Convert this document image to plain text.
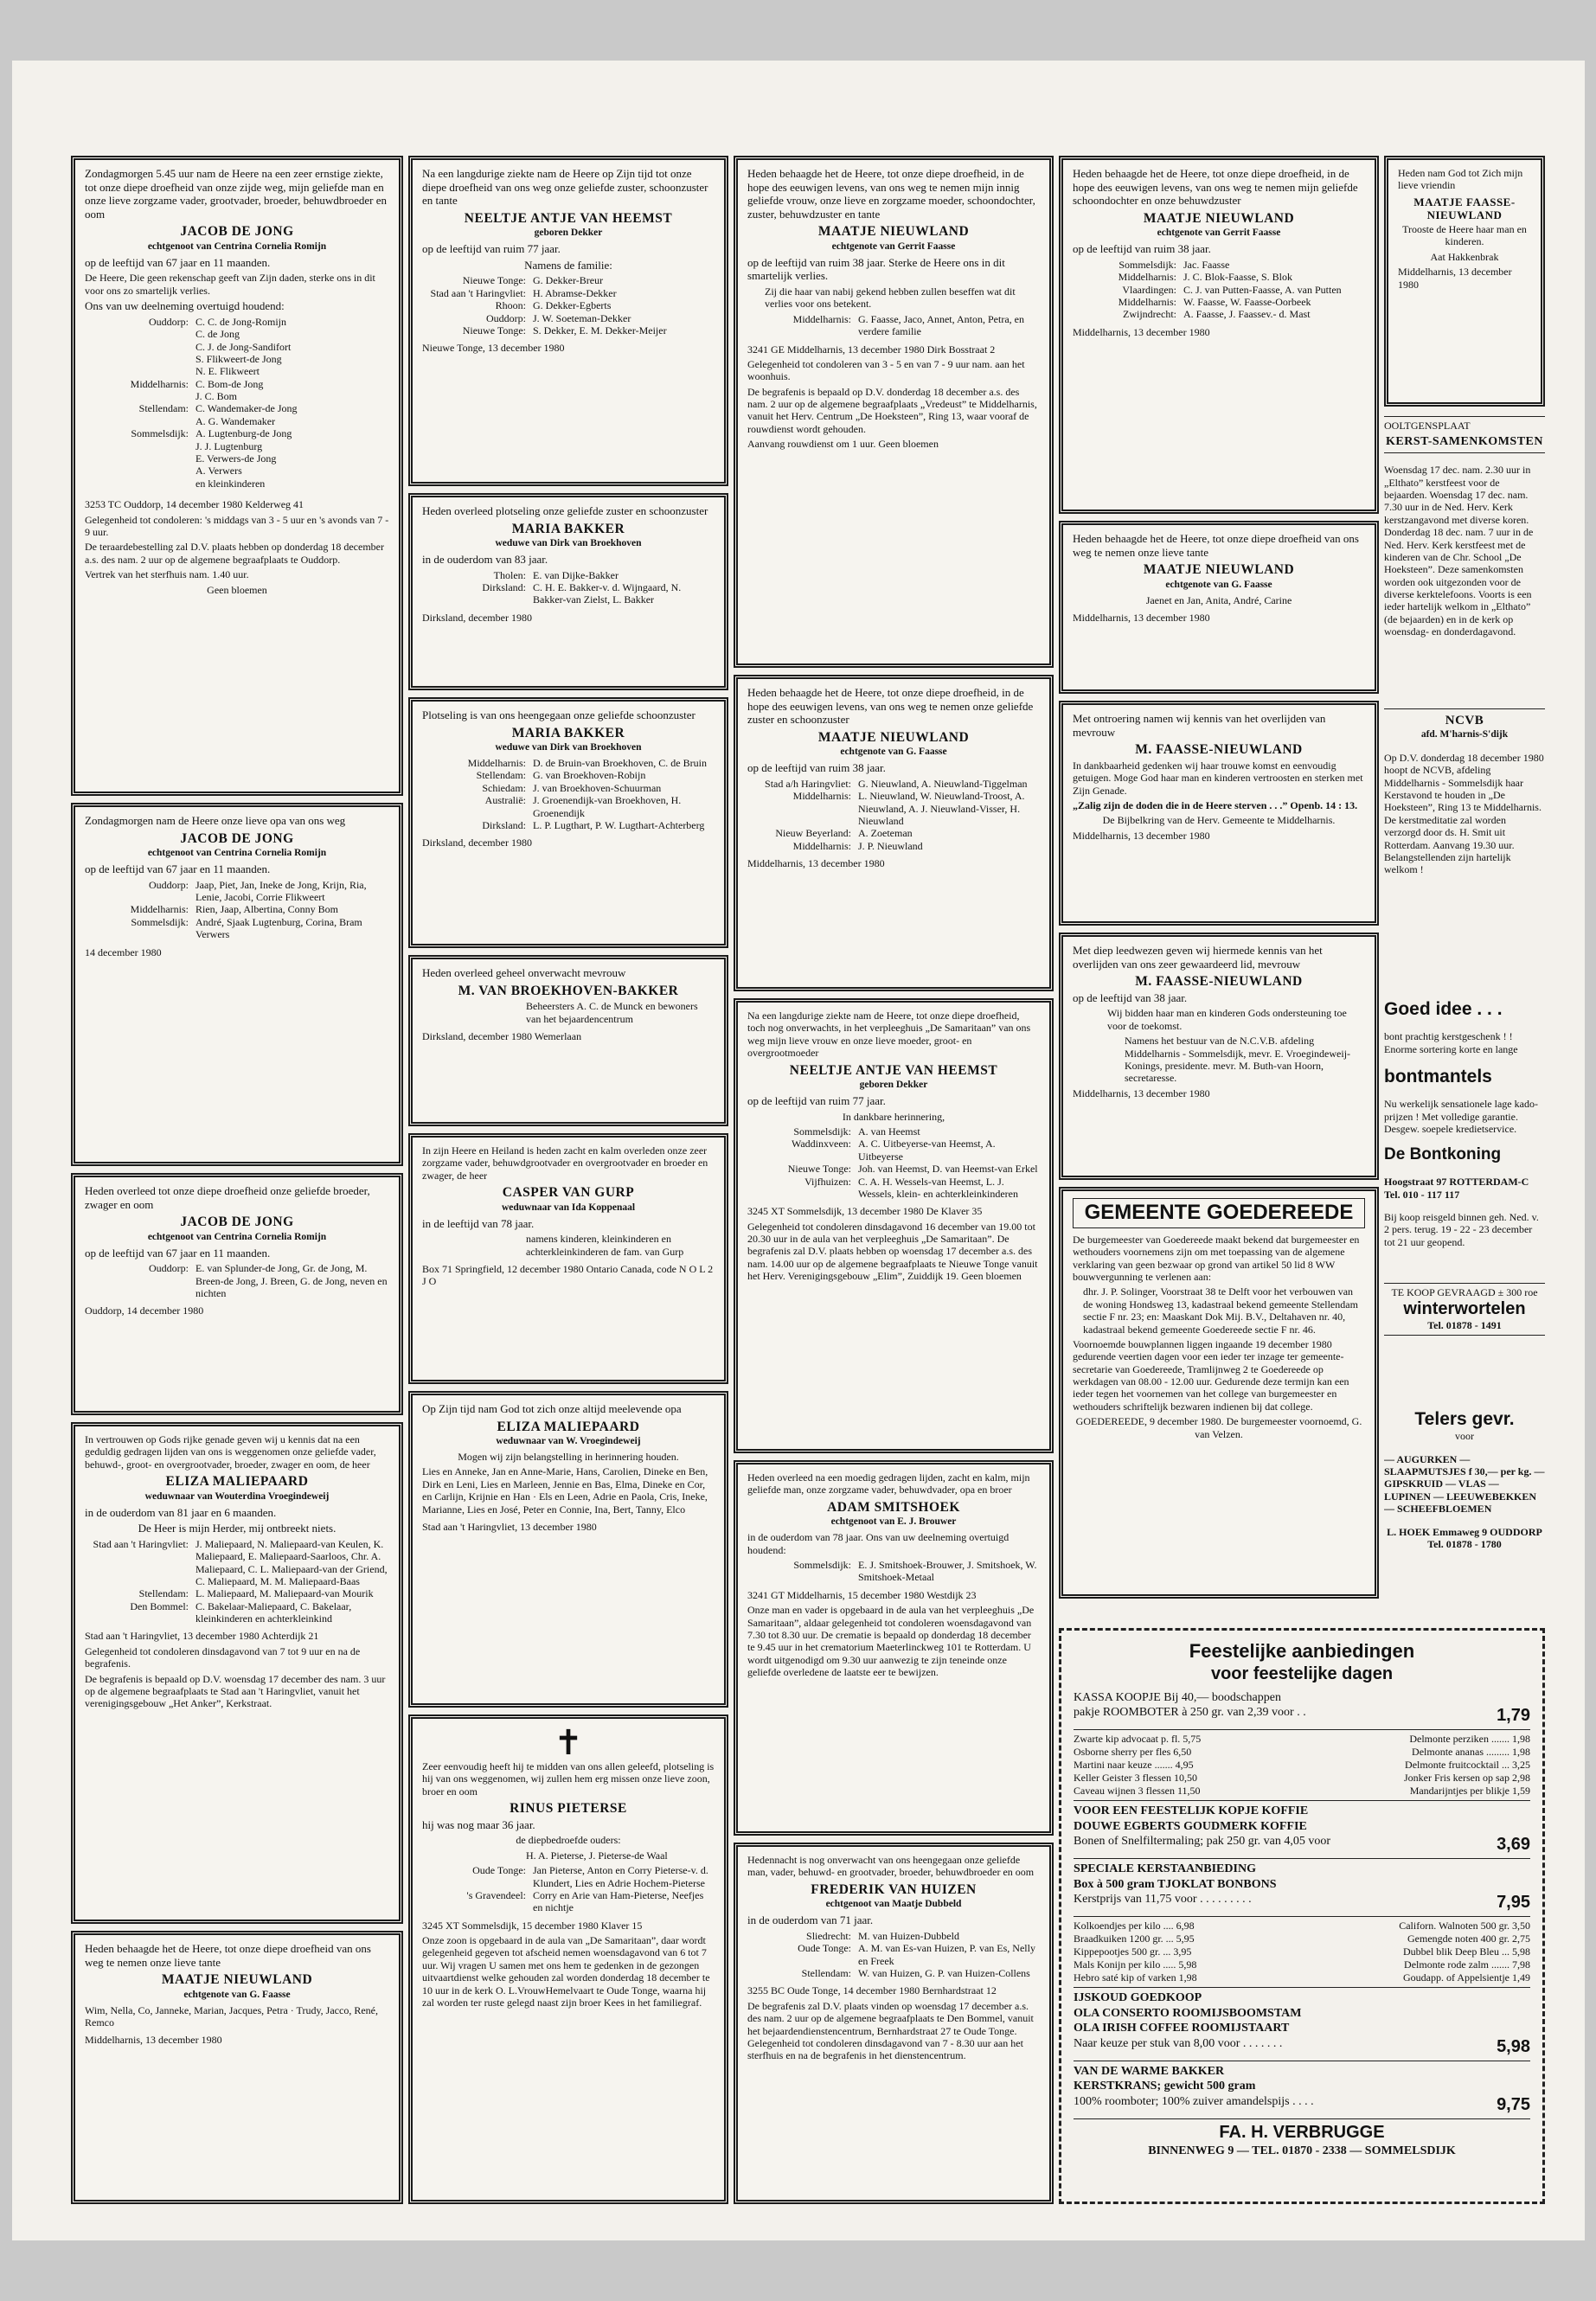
Zondagmorgen 5.45 uur nam de Heere na een zeer ernstige ziekte, tot onze diepe droefheid van onze zijde weg, mijn geliefde man en onze lieve zorgzame vader, grootvader, broeder, behuwdbroeder en oom

JACOB DE JONG
echtgenoot van Centrina Cornelia Romijn

op de leeftijd van 67 jaar en 11 maanden.

De Heere, Die geen rekenschap geeft van Zijn daden, sterke ons in dit voor ons zo smartelijk verlies.

Ons van uw deelneming overtuigd houdend:

Ouddorp: C. C. de Jong-Romijn
C. de Jong
C. J. de Jong-Sandifort
S. Flikweert-de Jong
N. E. Flikweert
Middelharnis: C. Bom-de Jong
J. C. Bom
Stellendam: C. Wandemaker-de Jong
A. G. Wandemaker
Sommelsdijk: A. Lugtenburg-de Jong
J. J. Lugtenburg
E. Verwers-de Jong
A. Verwers
en kleinkinderen

3253 TC Ouddorp, 14 december 1980 Kelderweg 41

Gelegenheid tot condoleren: 's middags van 3 - 5 uur en 's avonds van 7 - 9 uur.

De teraardebestelling zal D.V. plaats hebben op donderdag 18 december a.s. des nam. 2 uur op de algemene begraafplaats te Ouddorp.

Vertrek van het sterfhuis nam. 1.40 uur.

Geen bloemen

Zondagmorgen nam de Heere onze lieve opa van ons weg

JACOB DE JONG
echtgenoot van Centrina Cornelia Romijn

op de leeftijd van 67 jaar en 11 maanden.

Ouddorp: Jaap, Piet, Jan, Ineke de Jong, Krijn, Ria, Lenie, Jacobi, Corrie Flikweert
Middelharnis: Rien, Jaap, Albertina, Conny Bom
Sommelsdijk: André, Sjaak Lugtenburg, Corina, Bram Verwers

14 december 1980

Heden overleed tot onze diepe droefheid onze geliefde broeder, zwager en oom

JACOB DE JONG
echtgenoot van Centrina Cornelia Romijn

op de leeftijd van 67 jaar en 11 maanden.

Ouddorp: E. van Splunder-de Jong, Gr. de Jong, M. Breen-de Jong, J. Breen, G. de Jong, neven en nichten

Ouddorp, 14 december 1980

In vertrouwen op Gods rijke genade geven wij u kennis dat na een geduldig gedragen lijden van ons is weggenomen onze geliefde vader, behuwd-, groot- en overgrootvader, broeder, zwager en oom, de heer

ELIZA MALIEPAARD
weduwnaar van Wouterdina Vroegindeweij

in de ouderdom van 81 jaar en 6 maanden.

De Heer is mijn Herder, mij ontbreekt niets.

Stad aan 't Haringvliet: J. Maliepaard, N. Maliepaard-van Keulen, K. Maliepaard, E. Maliepaard-Saarloos, Chr. A. Maliepaard, C. L. Maliepaard-van der Griend, C. Maliepaard, M. M. Maliepaard-Baas
Stellendam: L. Maliepaard, M. Maliepaard-van Mourik
Den Bommel: C. Bakelaar-Maliepaard, C. Bakelaar, kleinkinderen en achterkleinkind

Stad aan 't Haringvliet, 13 december 1980 Achterdijk 21

Gelegenheid tot condoleren dinsdagavond van 7 tot 9 uur en na de begrafenis.

De begrafenis is bepaald op D.V. woensdag 17 december des nam. 3 uur op de algemene begraafplaats te Stad aan 't Haringvliet, vanuit het verenigingsgebouw „Het Anker”, Kerkstraat.

Heden behaagde het de Heere, tot onze diepe droefheid van ons weg te nemen onze lieve tante

MAATJE NIEUWLAND
echtgenote van G. Faasse

Wim, Nella, Co, Janneke, Marian, Jacques, Petra · Trudy, Jacco, René, Remco

Middelharnis, 13 december 1980

Na een langdurige ziekte nam de Heere op Zijn tijd tot onze diepe droefheid van ons weg onze geliefde zuster, schoonzuster en tante

NEELTJE ANTJE VAN HEEMST
geboren Dekker

op de leeftijd van ruim 77 jaar.

Namens de familie:

Nieuwe Tonge: G. Dekker-Breur
Stad aan 't Haringvliet: H. Abramse-Dekker
Rhoon: G. Dekker-Egberts
Ouddorp: J. W. Soeteman-Dekker
Nieuwe Tonge: S. Dekker, E. M. Dekker-Meijer

Nieuwe Tonge, 13 december 1980

Heden overleed plotseling onze geliefde zuster en schoonzuster

MARIA BAKKER
weduwe van Dirk van Broekhoven

in de ouderdom van 83 jaar.

Tholen: E. van Dijke-Bakker
Dirksland: C. H. E. Bakker-v. d. Wijngaard, N. Bakker-van Zielst, L. Bakker

Dirksland, december 1980

Plotseling is van ons heengegaan onze geliefde schoonzuster

MARIA BAKKER
weduwe van Dirk van Broekhoven
Middelharnis: D. de Bruin-van Broekhoven, C. de Bruin
Stellendam: G. van Broekhoven-Robijn
Schiedam: J. van Broekhoven-Schuurman
Australië: J. Groenendijk-van Broekhoven, H. Groenendijk
Dirksland: L. P. Lugthart, P. W. Lugthart-Achterberg

Dirksland, december 1980

Heden overleed geheel onverwacht mevrouw

M. VAN BROEKHOVEN-BAKKER

Beheersters A. C. de Munck en bewoners van het bejaardencentrum

Dirksland, december 1980 Wemerlaan

In zijn Heere en Heiland is heden zacht en kalm overleden onze zeer zorgzame vader, behuwdgrootvader en overgrootvader en broeder en zwager, de heer

CASPER VAN GURP
weduwnaar van Ida Koppenaal

in de leeftijd van 78 jaar.

namens kinderen, kleinkinderen en achterkleinkinderen de fam. van Gurp

Box 71 Springfield, 12 december 1980 Ontario Canada, code N O L 2 J O

Op Zijn tijd nam God tot zich onze altijd meelevende opa

ELIZA MALIEPAARD
weduwnaar van W. Vroegindeweij

Mogen wij zijn belangstelling in herinnering houden.

Lies en Anneke, Jan en Anne-Marie, Hans, Carolien, Dineke en Ben, Dirk en Leni, Lies en Marleen, Jennie en Bas, Elma, Dineke en Cor, en Carlijn, Krijnie en Han · Els en Leen, Adrie en Paola, Cris, Ineke, Marianne, Lies en José, Peter en Connie, Ina, Bert, Tanny, Elco

Stad aan 't Haringvliet, 13 december 1980

✝

Zeer eenvoudig heeft hij te midden van ons allen geleefd, plotseling is hij van ons weggenomen, wij zullen hem erg missen onze lieve zoon, broer en oom

RINUS PIETERSE

hij was nog maar 36 jaar.

de diepbedroefde ouders:

H. A. Pieterse, J. Pieterse-de Waal

Oude Tonge: Jan Pieterse, Anton en Corry Pieterse-v. d. Klundert, Lies en Adrie Hochem-Pieterse
's Gravendeel: Corry en Arie van Ham-Pieterse, Neefjes en nichtje

3245 XT Sommelsdijk, 15 december 1980 Klaver 15

Onze zoon is opgebaard in de aula van „De Samaritaan”, daar wordt gelegenheid gegeven tot afscheid nemen woensdagavond van 6 tot 7 uur. Wij vragen U samen met ons hem te gedenken in de gezongen uitvaartdienst welke gehouden zal worden donderdag 18 december te 10 uur in de kerk O. L.VrouwHemelvaart te Oude Tonge, waarna hij zal worden ter ruste gelegd naast zijn broer Kees in het familiegraf.

Heden behaagde het de Heere, tot onze diepe droefheid, in de hope des eeuwigen levens, van ons weg te nemen mijn innig geliefde vrouw, onze lieve en zorgzame moeder, schoondochter, zuster, behuwdzuster en tante

MAATJE NIEUWLAND
echtgenote van Gerrit Faasse

op de leeftijd van ruim 38 jaar. Sterke de Heere ons in dit smartelijk verlies.

Zij die haar van nabij gekend hebben zullen beseffen wat dit verlies voor ons betekent.

Middelharnis: G. Faasse, Jaco, Annet, Anton, Petra, en verdere familie

3241 GE Middelharnis, 13 december 1980 Dirk Bosstraat 2

Gelegenheid tot condoleren van 3 - 5 en van 7 - 9 uur nam. aan het woonhuis.

De begrafenis is bepaald op D.V. donderdag 18 december a.s. des nam. 2 uur op de algemene begraafplaats „Vredeust” te Middelharnis, vanuit het Herv. Centrum „De Hoeksteen”, Ring 13, waar vooraf de rouwdienst wordt gehouden.

Aanvang rouwdienst om 1 uur. Geen bloemen

Heden behaagde het de Heere, tot onze diepe droefheid, in de hope des eeuwigen levens, van ons weg te nemen onze geliefde zuster en schoonzuster

MAATJE NIEUWLAND
echtgenote van G. Faasse

op de leeftijd van ruim 38 jaar.

Stad a/h Haringvliet: G. Nieuwland, A. Nieuwland-Tiggelman
Middelharnis: L. Nieuwland, W. Nieuwland-Troost, A. Nieuwland, A. J. Nieuwland-Visser, H. Nieuwland
Nieuw Beyerland: A. Zoeteman
Middelharnis: J. P. Nieuwland

Middelharnis, 13 december 1980

Na een langdurige ziekte nam de Heere, tot onze diepe droefheid, toch nog onverwachts, in het verpleeghuis „De Samaritaan” van ons weg mijn lieve vrouw en onze lieve moeder, groot- en overgrootmoeder

NEELTJE ANTJE VAN HEEMST
geboren Dekker

op de leeftijd van ruim 77 jaar.

In dankbare herinnering,

Sommelsdijk: A. van Heemst
Waddinxveen: A. C. Uitbeyerse-van Heemst, A. Uitbeyerse
Nieuwe Tonge: Joh. van Heemst, D. van Heemst-van Erkel
Vijfhuizen: C. A. H. Wessels-van Heemst, L. J. Wessels, klein- en achterkleinkinderen

3245 XT Sommelsdijk, 13 december 1980 De Klaver 35

Gelegenheid tot condoleren dinsdagavond 16 december van 19.00 tot 20.30 uur in de aula van het verpleeghuis „De Samaritaan”. De begrafenis zal D.V. plaats hebben op woensdag 17 december a.s. des nam. 14.00 uur op de algemene begraafplaats te Nieuwe Tonge vanuit het Herv. Verenigingsgebouw „Elim”, Zuiddijk 19. Geen bloemen

Heden overleed na een moedig gedragen lijden, zacht en kalm, mijn geliefde man, onze zorgzame vader, behuwdvader, opa en broer

ADAM SMITSHOEK
echtgenoot van E. J. Brouwer

in de ouderdom van 78 jaar. Ons van uw deelneming overtuigd houdend:

Sommelsdijk: E. J. Smitshoek-Brouwer, J. Smitshoek, W. Smitshoek-Metaal

3241 GT Middelharnis, 15 december 1980 Westdijk 23

Onze man en vader is opgebaard in de aula van het verpleeghuis „De Samaritaan”, aldaar gelegenheid tot condoleren woensdagavond van 7.30 tot 8.30 uur. De crematie is bepaald op donderdag 18 december te 9.45 uur in het crematorium Maeterlinckweg 101 te Rotterdam. U wordt uitgenodigd om 9.30 uur aanwezig te zijn teneinde onze geliefde overledene de laatste eer te bewijzen.

Hedennacht is nog onverwacht van ons heengegaan onze geliefde man, vader, behuwd- en grootvader, broeder, behuwdbroeder en oom

FREDERIK VAN HUIZEN
echtgenoot van Maatje Dubbeld

in de ouderdom van 71 jaar.

Sliedrecht: M. van Huizen-Dubbeld
Oude Tonge: A. M. van Es-van Huizen, P. van Es, Nelly en Freek
Stellendam: W. van Huizen, G. P. van Huizen-Collens

3255 BC Oude Tonge, 14 december 1980 Bernhardstraat 12

De begrafenis zal D.V. plaats vinden op woensdag 17 december a.s. des nam. 2 uur op de algemene begraafplaats te Den Bommel, vanuit het bejaardendienstencentrum, Bernhardstraat 27 te Oude Tonge. Gelegenheid tot condoleren dinsdagavond van 7 - 8.30 uur aan het sterfhuis en na de begrafenis in het dienstencentrum.

Heden behaagde het de Heere, tot onze diepe droefheid, in de hope des eeuwigen levens, van ons weg te nemen mijn geliefde schoondochter en onze behuwdzuster

MAATJE NIEUWLAND
echtgenote van Gerrit Faasse

op de leeftijd van ruim 38 jaar.

Sommelsdijk: Jac. Faasse
Middelharnis: J. C. Blok-Faasse, S. Blok
Vlaardingen: C. J. van Putten-Faasse, A. van Putten
Middelharnis: W. Faasse, W. Faasse-Oorbeek
Zwijndrecht: A. Faasse, J. Faassev.- d. Mast

Middelharnis, 13 december 1980

Heden behaagde het de Heere, tot onze diepe droefheid van ons weg te nemen onze lieve tante

MAATJE NIEUWLAND
echtgenote van G. Faasse

Jaenet en Jan, Anita, André, Carine

Middelharnis, 13 december 1980

Met ontroering namen wij kennis van het overlijden van mevrouw

M. FAASSE-NIEUWLAND

In dankbaarheid gedenken wij haar trouwe komst en eenvoudig getuigen. Moge God haar man en kinderen vertroosten en sterken met Zijn Genade.

„Zalig zijn de doden die in de Heere sterven . . .” Openb. 14 : 13.

De Bijbelkring van de Herv. Gemeente te Middelharnis.

Middelharnis, 13 december 1980

Met diep leedwezen geven wij hiermede kennis van het overlijden van ons zeer gewaardeerd lid, mevrouw

M. FAASSE-NIEUWLAND

op de leeftijd van 38 jaar.

Wij bidden haar man en kinderen Gods ondersteuning toe voor de toekomst.

Namens het bestuur van de N.C.V.B. afdeling Middelharnis - Sommelsdijk, mevr. E. Vroegindeweij-Konings, presidente. mevr. M. Buth-van Hoorn, secretaresse.

Middelharnis, 13 december 1980

GEMEENTE GOEDEREEDE

De burgemeester van Goedereede maakt bekend dat burgemeester en wethouders voornemens zijn om met toepassing van de algemene verklaring van geen bezwaar op grond van artikel 50 lid 8 WW bouwvergunning te verlenen aan:

dhr. J. P. Solinger, Voorstraat 38 te Delft voor het verbouwen van de woning Hondsweg 13, kadastraal bekend gemeente Stellendam sectie F nr. 23; en: Maaskant Dok Mij. B.V., Deltahaven nr. 40, kadastraal bekend gemeente Goedereede sectie F nr. 46.

Voornoemde bouwplannen liggen ingaande 19 december 1980 gedurende veertien dagen voor een ieder ter inzage ter gemeente-secretarie van Goedereede, Tramlijnweg 2 te Goedereede op werkdagen van 08.00 - 12.00 uur. Gedurende deze termijn kan een ieder tegen het voornemen van het college van burgemeester en wethouders schriftelijk bezwaren indienen bij dat college.

GOEDEREEDE, 9 december 1980. De burgemeester voornoemd, G. van Velzen.

Heden nam God tot Zich mijn lieve vriendin

MAATJE FAASSE-NIEUWLAND

Trooste de Heere haar man en kinderen.

Aat Hakkenbrak

Middelharnis, 13 december 1980

OOLTGENSPLAAT
KERST-SAMENKOMSTEN

Woensdag 17 dec. nam. 2.30 uur in „Elthato” kerstfeest voor de bejaarden. Woensdag 17 dec. nam. 7.30 uur in de Ned. Herv. Kerk kerstzangavond met diverse koren. Donderdag 18 dec. nam. 7 uur in de Ned. Herv. Kerk kerstfeest met de kinderen van de Chr. School „De Hoeksteen”. Deze samenkomsten worden ook uitgezonden voor de diverse kerktelefoons. Voorts is een ieder hartelijk welkom in „Elthato” (de bejaarden) en in de kerk op woensdag- en donderdagavond.

NCVB
afd. M'harnis-S'dijk

Op D.V. donderdag 18 december 1980 hoopt de NCVB, afdeling Middelharnis - Sommelsdijk haar Kerstavond te houden in „De Hoeksteen”, Ring 13 te Middelharnis. De kerstmeditatie zal worden verzorgd door ds. H. Smit uit Rotterdam. Aanvang 19.30 uur. Belangstellenden zijn hartelijk welkom !

Goed idee . . .

bont prachtig kerstgeschenk ! ! Enorme sortering korte en lange

bontmantels

Nu werkelijk sensationele lage kado-prijzen ! Met volledige garantie. Desgew. soepele kredietservice.

De Bontkoning

Hoogstraat 97 ROTTERDAM-C Tel. 010 - 117 117

Bij koop reisgeld binnen geh. Ned. v. 2 pers. terug. 19 - 22 - 23 december tot 21 uur geopend.

TE KOOP GEVRAAGD ± 300 roe
winterwortelen
Tel. 01878 - 1491
Telers gevr.
voor

— AUGURKEN — SLAAPMUTSJES f 30,— per kg. — GIPSKRUID — VLAS — LUPINEN — LEEUWEBEKKEN — SCHEEFBLOEMEN

L. HOEK Emmaweg 9 OUDDORP Tel. 01878 - 1780

Feestelijke aanbiedingen
voor feestelijke dagen
KASSA KOOPJE Bij 40,— boodschappen
pakje ROOMBOTER à 250 gr. van 2,39 voor . .	1,79
Zwarte kip advocaat p. fl. 5,75	Delmonte perziken ....... 1,98
Osborne sherry per fles 6,50	Delmonte ananas ......... 1,98
Martini naar keuze ....... 4,95	Delmonte fruitcocktail ... 3,25
Keller Geister 3 flessen 10,50	Jonker Fris kersen op sap 2,98
Caveau wijnen 3 flessen 11,50	Mandarijntjes per blikje 1,59
VOOR EEN FEESTELIJK KOPJE KOFFIE
DOUWE EGBERTS GOUDMERK KOFFIE
Bonen of Snelfiltermaling; pak 250 gr. van 4,05 voor	3,69
SPECIALE KERSTAANBIEDING
Box à 500 gram TJOKLAT BONBONS
Kerstprijs van 11,75 voor . . . . . . . . .	7,95
Kolkoendjes per kilo .... 6,98	Californ. Walnoten 500 gr. 3,50
Braadkuiken 1200 gr. ... 5,95	Gemengde noten 400 gr. 2,75
Kippepootjes 500 gr. ... 3,95	Dubbel blik Deep Bleu ... 5,98
Mals Konijn per kilo ..... 5,98	Delmonte rode zalm ....... 7,98
Hebro saté kip of varken 1,98	Goudapp. of Appelsientje 1,49
IJSKOUD GOEDKOOP
OLA CONSERTO ROOMIJSBOOMSTAM
OLA IRISH COFFEE ROOMIJSTAART
Naar keuze per stuk van 8,00 voor . . . . . . .	5,98
VAN DE WARME BAKKER
KERSTKRANS; gewicht 500 gram
100% roomboter; 100% zuiver amandelspijs . . . .	9,75
FA. H. VERBRUGGE
BINNENWEG 9 — TEL. 01870 - 2338 — SOMMELSDIJK
